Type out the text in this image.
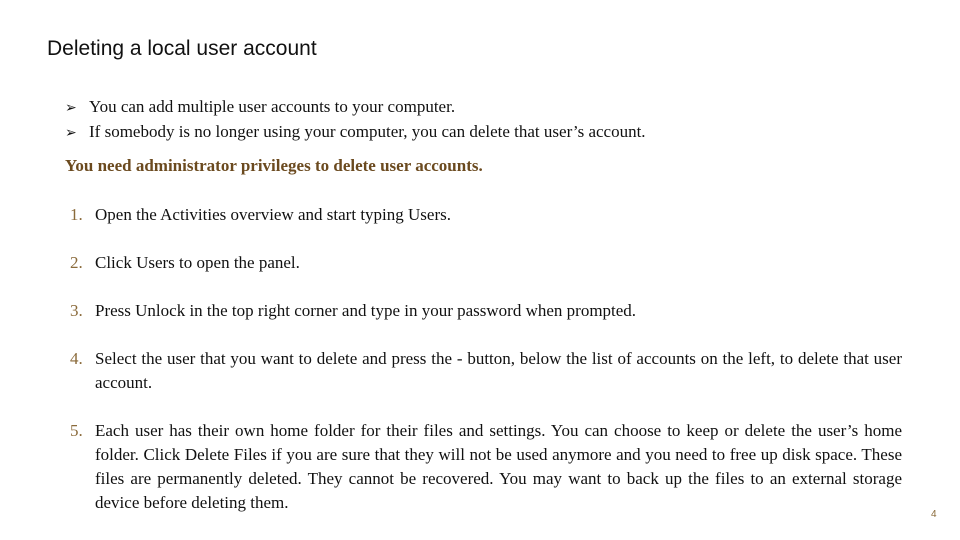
Deleting a local user account
➢ You can add multiple user accounts to your computer.
➢ If somebody is no longer using your computer, you can delete that user’s account.
You need administrator privileges to delete user accounts.
1. Open the Activities overview and start typing Users.
2. Click Users to open the panel.
3. Press Unlock in the top right corner and type in your password when prompted.
4. Select the user that you want to delete and press the - button, below the list of accounts on the left, to delete that user account.
5. Each user has their own home folder for their files and settings. You can choose to keep or delete the user’s home folder. Click Delete Files if you are sure that they will not be used anymore and you need to free up disk space. These files are permanently deleted. They cannot be recovered. You may want to back up the files to an external storage device before deleting them.
4
